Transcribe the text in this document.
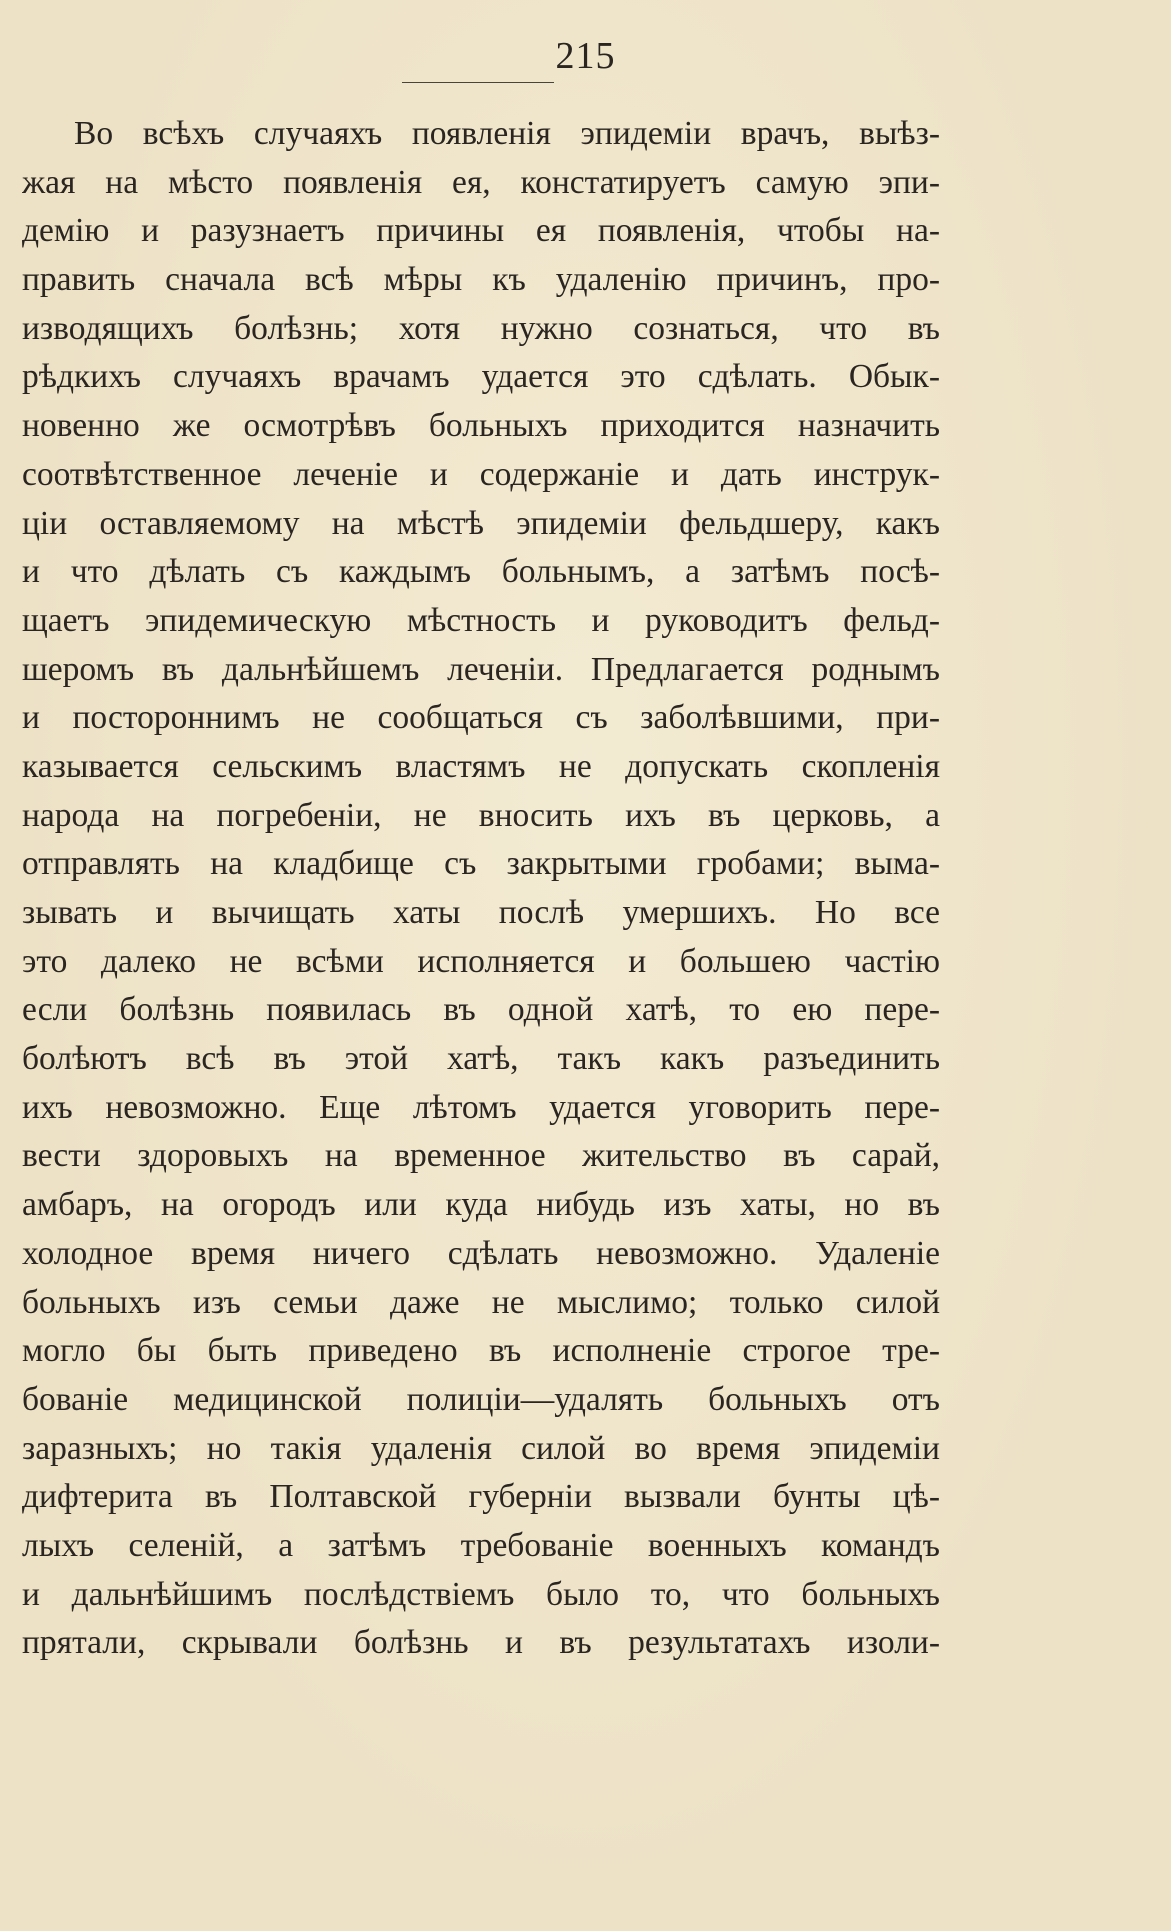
215
Во всѣхъ случаяхъ появленія эпидеміи врачъ, выѣз-
жая на мѣсто появленія ея, констатируетъ самую эпи-
демію и разузнаетъ причины ея появленія, чтобы на-
править сначала всѣ мѣры къ удаленію причинъ, про-
изводящихъ болѣзнь; хотя нужно сознаться, что въ
рѣдкихъ случаяхъ врачамъ удается это сдѣлать. Обык-
новенно же осмотрѣвъ больныхъ приходится назначить
соотвѣтственное леченіе и содержаніе и дать инструк-
ціи оставляемому на мѣстѣ эпидеміи фельдшеру, какъ
и что дѣлать съ каждымъ больнымъ, а затѣмъ посѣ-
щаетъ эпидемическую мѣстность и руководитъ фельд-
шеромъ въ дальнѣйшемъ леченіи. Предлагается роднымъ
и постороннимъ не сообщаться съ заболѣвшими, при-
казывается сельскимъ властямъ не допускать скопленія
народа на погребеніи, не вносить ихъ въ церковь, а
отправлять на кладбище съ закрытыми гробами; выма-
зывать и вычищать хаты послѣ умершихъ. Но все
это далеко не всѣми исполняется и большею частію
если болѣзнь появилась въ одной хатѣ, то ею пере-
болѣютъ всѣ въ этой хатѣ, такъ какъ разъединить
ихъ невозможно. Еще лѣтомъ удается уговорить пере-
вести здоровыхъ на временное жительство въ сарай,
амбаръ, на огородъ или куда нибудь изъ хаты, но въ
холодное время ничего сдѣлать невозможно. Удаленіе
больныхъ изъ семьи даже не мыслимо; только силой
могло бы быть приведено въ исполненіе строгое тре-
бованіе медицинской полиціи—удалять больныхъ отъ
заразныхъ; но такія удаленія силой во время эпидеміи
дифтерита въ Полтавской губерніи вызвали бунты цѣ-
лыхъ селеній, а затѣмъ требованіе военныхъ командъ
и дальнѣйшимъ послѣдствіемъ было то, что больныхъ
прятали, скрывали болѣзнь и въ результатахъ изоли-
